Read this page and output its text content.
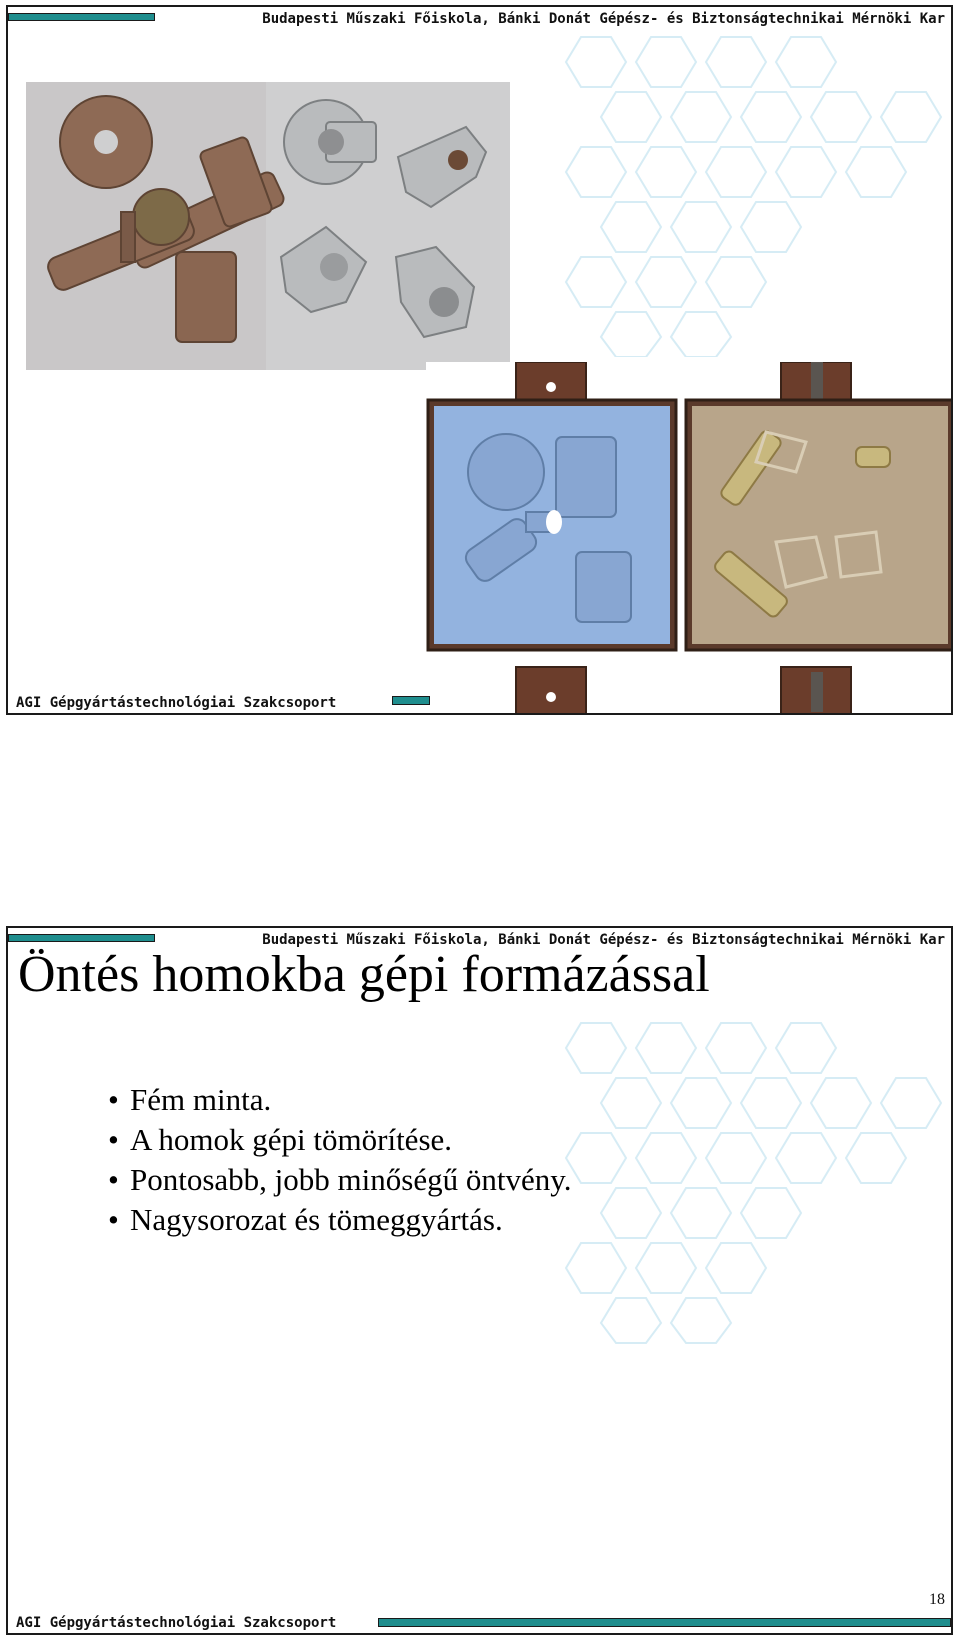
Budapesti Műszaki Főiskola, Bánki Donát Gépész- és Biztonságtechnikai Mérnöki Kar
AGI Gépgyártástechnológiai Szakcsoport
Budapesti Műszaki Főiskola, Bánki Donát Gépész- és Biztonságtechnikai Mérnöki Kar
Öntés homokba gépi formázással
• Fém minta.
• A homok gépi tömörítése.
• Pontosabb, jobb minőségű öntvény.
• Nagysorozat és tömeggyártás.
18
AGI Gépgyártástechnológiai Szakcsoport
